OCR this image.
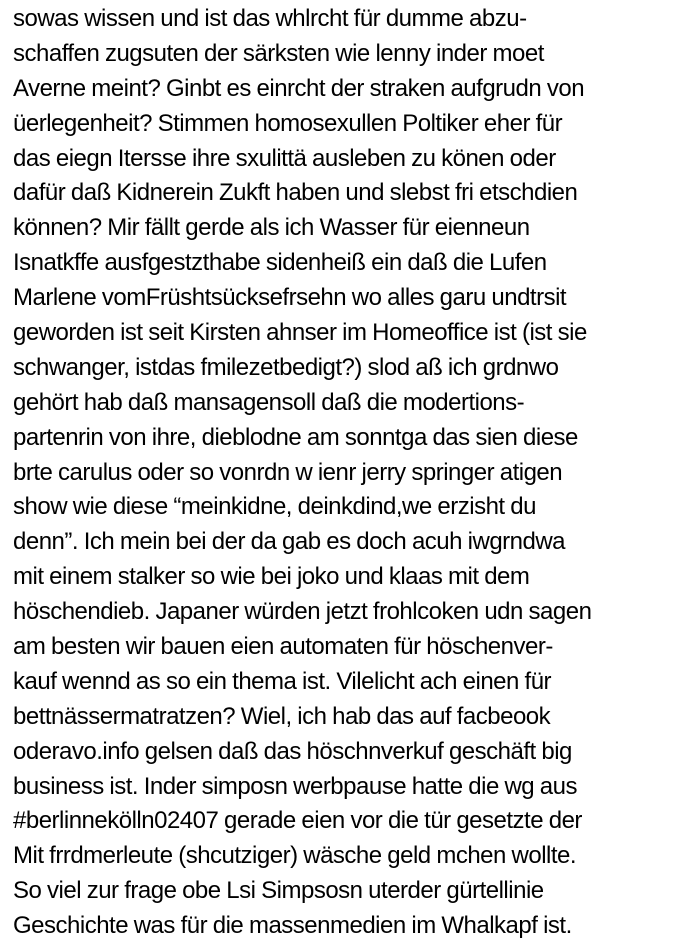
sowas wissen und ist das whlrcht für dumme abzu-
schaffen zugsuten der särksten wie lenny inder moet
Averne meint? Ginbt es einrcht der straken aufgrudn von
üerlegenheit? Stimmen homosexullen Poltiker eher für
das eiegn Itersse ihre sxulittä ausleben zu könen oder
dafür daß Kidnerein Zukft haben und slebst fri etschdien
können? Mir fällt gerde als ich Wasser für eienneun
Isnatkffe ausfgestzthabe sidenheiß ein daß die Lufen
Marlene vomFrüshtsücksefrsehn wo alles garu undtrsit
geworden ist seit Kirsten ahnser im Homeoffice ist (ist sie
schwanger, istdas fmilezetbedigt?) slod aß ich grdnwo
gehört hab daß mansagensoll daß die modertions-
partenrin von ihre, dieblodne am sonntga das sien diese
brte carulus oder so vonrdn w ienr jerry springer atigen
show wie diese “meinkidne, deinkdind,we erzisht du
denn”. Ich mein bei der da gab es doch acuh iwgrndwa
mit einem stalker so wie bei joko und klaas mit dem
höschendieb. Japaner würden jetzt frohlcoken udn sagen
am besten wir bauen eien automaten für höschenver-
kauf wennd as so ein thema ist. Vilelicht ach einen für
bettnässermatratzen? Wiel, ich hab das auf facbeook
oderavo.info gelsen daß das höschnverkuf geschäft big
business ist. Inder simposn werbpause hatte die wg aus
#berlinnekölln02407 gerade eien vor die tür gesetzte der
Mit frrdmerleute (shcutziger) wäsche geld mchen wollte.
So viel zur frage obe Lsi Simpsosn uterder gürtellinie
Geschichte was für die massenmedien im Whalkapf ist.
